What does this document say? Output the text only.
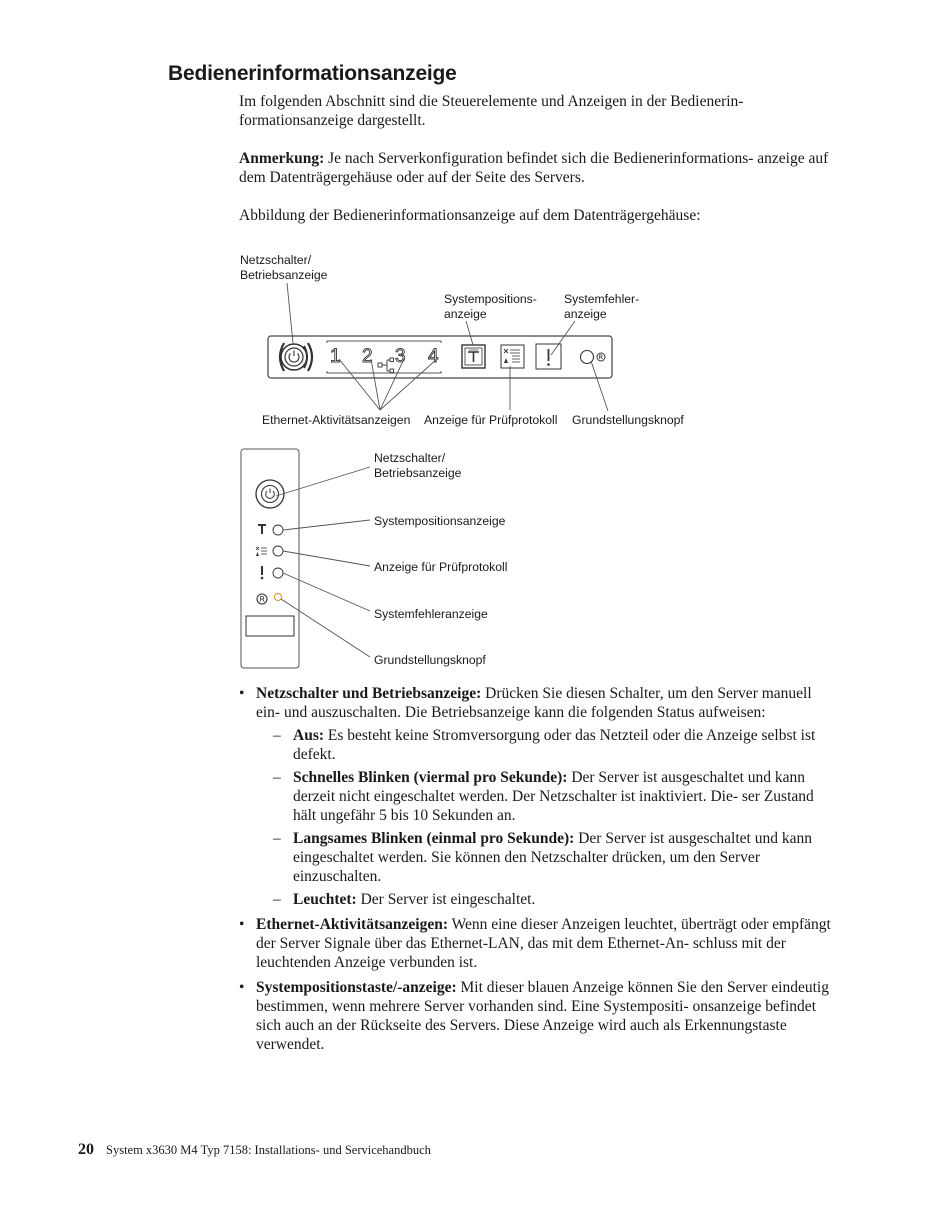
Bedienerinformationsanzeige

Im folgenden Abschnitt sind die Steuerelemente und Anzeigen in der Bedienerin- formationsanzeige dargestellt.

Anmerkung: Je nach Serverkonfiguration befindet sich die Bedienerinformations- anzeige auf dem Datenträgergehäuse oder auf der Seite des Servers.

Abbildung der Bedienerinformationsanzeige auf dem Datenträgergehäuse:

Netzschalter/
Betriebsanzeige
Systempositions-
anzeige
Systemfehler-
anzeige
1 2 3 4
Ethernet-Aktivitätsanzeigen Anzeige für Prüfprotokoll Grundstellungsknopf
Netzschalter/
Betriebsanzeige
Systempositionsanzeige
Anzeige für Prüfprotokoll
Systemfehleranzeige
Grundstellungsknopf
• Netzschalter und Betriebsanzeige: Drücken Sie diesen Schalter, um den Server manuell ein- und auszuschalten. Die Betriebsanzeige kann die folgenden Status aufweisen:
– Aus: Es besteht keine Stromversorgung oder das Netzteil oder die Anzeige selbst ist defekt.
– Schnelles Blinken (viermal pro Sekunde): Der Server ist ausgeschaltet und kann derzeit nicht eingeschaltet werden. Der Netzschalter ist inaktiviert. Die- ser Zustand hält ungefähr 5 bis 10 Sekunden an.
– Langsames Blinken (einmal pro Sekunde): Der Server ist ausgeschaltet und kann eingeschaltet werden. Sie können den Netzschalter drücken, um den Server einzuschalten.
– Leuchtet: Der Server ist eingeschaltet.
• Ethernet-Aktivitätsanzeigen: Wenn eine dieser Anzeigen leuchtet, überträgt oder empfängt der Server Signale über das Ethernet-LAN, das mit dem Ethernet-An- schluss mit der leuchtenden Anzeige verbunden ist.
• Systempositionstaste/-anzeige: Mit dieser blauen Anzeige können Sie den Server eindeutig bestimmen, wenn mehrere Server vorhanden sind. Eine Systempositi- onsanzeige befindet sich auch an der Rückseite des Servers. Diese Anzeige wird auch als Erkennungstaste verwendet.
20 System x3630 M4 Typ 7158: Installations- und Servicehandbuch
